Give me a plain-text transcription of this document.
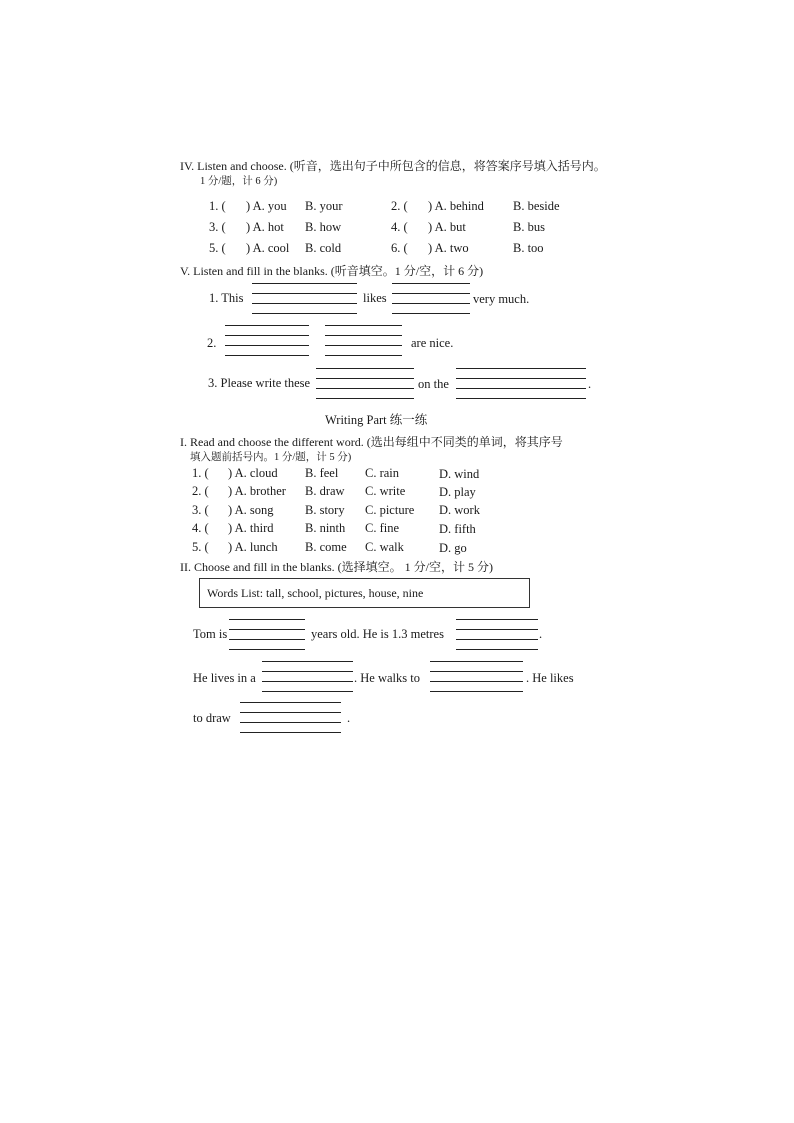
IV. Listen and choose. (听音，选出句子中所包含的信息，将答案序号填入括号内。
1 分/题，计 6 分)
1. ( ) A. you B. your	2. ( ) A. behind B. beside
3. ( ) A. hot B. how	4. ( ) A. but	B. bus
5. ( ) A. cool B. cold	6. ( ) A. two	B. too
V. Listen and fill in the blanks. (听音填空。1 分/空，计 6 分)
1. This	likes	very much.
2.	are nice.
3. Please write these	on the	.
Writing Part 练一练
I. Read and choose the different word. (选出每组中不同类的单词，将其序号
填入题前括号内。1 分/题，计 5 分)
1. ( ) A. cloud B. feel C. rain	D. wind
2. ( ) A. brother B. draw C. write	D. play
3. ( ) A. song	B. story C. picture D. work
4. ( ) A. third	B. ninth C. fine	D. fifth
5. ( ) A. lunch B. come C. walk	D. go
II. Choose and fill in the blanks. (选择填空。 1 分/空，计 5 分)
Words List: tall, school, pictures, house, nine
Tom is	years old. He is 1.3 metres	.
He lives in a	. He walks to	. He likes
to draw	.
